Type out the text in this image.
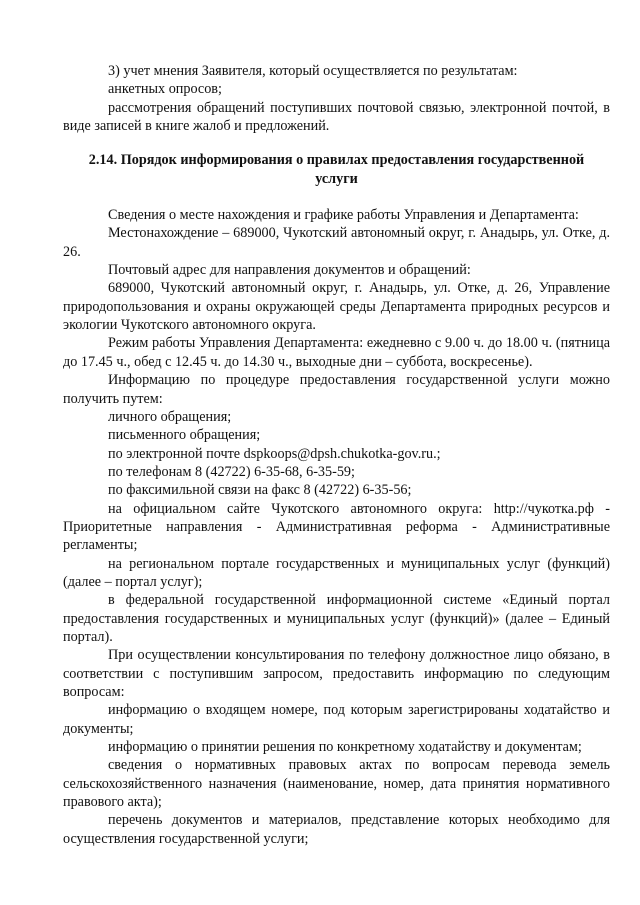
3) учет мнения Заявителя, который осуществляется по результатам:

анкетных опросов;

рассмотрения обращений поступивших почтовой связью, электронной почтой, в виде записей в книге жалоб и предложений.

2.14. Порядок информирования о правилах предоставления государственной услуги

Сведения о месте нахождения и графике работы Управления и Департамента:

Местонахождение – 689000, Чукотский автономный округ, г. Анадырь, ул. Отке, д. 26.

Почтовый адрес для направления документов и обращений:

689000, Чукотский автономный округ, г. Анадырь, ул. Отке, д. 26, Управление природопользования и охраны окружающей среды Департамента природных ресурсов и экологии Чукотского автономного округа.

Режим работы Управления Департамента: ежедневно с 9.00 ч. до 18.00 ч. (пятница до 17.45 ч., обед с 12.45 ч. до 14.30 ч., выходные дни – суббота, воскресенье).

Информацию по процедуре предоставления государственной услуги можно получить путем:

личного обращения;

письменного обращения;

по электронной почте dspkoops@dpsh.chukotka-gov.ru.;

по телефонам 8 (42722) 6-35-68, 6-35-59;

по факсимильной связи на факс 8 (42722) 6-35-56;

на официальном сайте Чукотского автономного округа: http://чукотка.рф - Приоритетные направления - Административная реформа - Административные регламенты;

на региональном портале государственных и муниципальных услуг (функций) (далее – портал услуг);

в федеральной государственной информационной системе «Единый портал предоставления государственных и муниципальных услуг (функций)» (далее – Единый портал).

При осуществлении консультирования по телефону должностное лицо обязано, в соответствии с поступившим запросом, предоставить информацию по следующим вопросам:

информацию о входящем номере, под которым зарегистрированы ходатайство и документы;

информацию о принятии решения по конкретному ходатайству и документам;

сведения о нормативных правовых актах по вопросам перевода земель сельскохозяйственного назначения (наименование, номер, дата принятия нормативного правового акта);

перечень документов и материалов, представление которых необходимо для осуществления государственной услуги;
